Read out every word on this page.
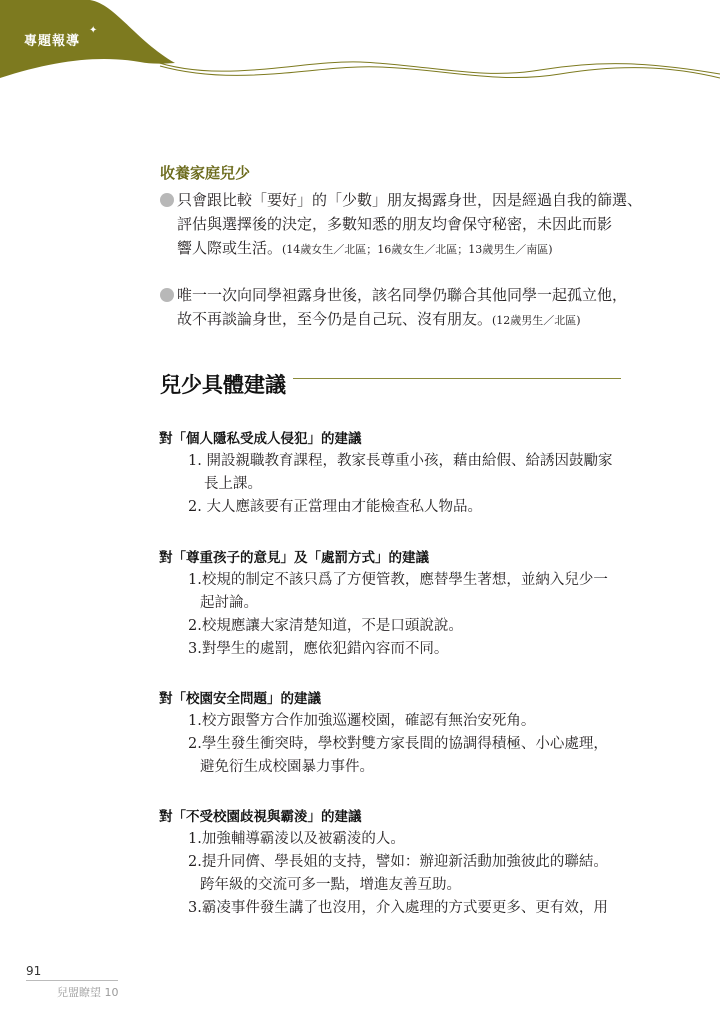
專題報導
✦
收養家庭兒少
只會跟比較「要好」的「少數」朋友揭露身世，因是經過自我的篩選、
評估與選擇後的決定，多數知悉的朋友均會保守秘密，未因此而影
響人際或生活。(14歲女生／北區；16歲女生／北區；13歲男生／南區)
唯一一次向同學袒露身世後，該名同學仍聯合其他同學一起孤立他，
故不再談論身世，至今仍是自己玩、沒有朋友。(12歲男生／北區)
兒少具體建議
對「個人隱私受成人侵犯」的建議
1. 開設親職教育課程，教家長尊重小孩，藉由給假、給誘因鼓勵家
長上課。
2. 大人應該要有正當理由才能檢查私人物品。
對「尊重孩子的意見」及「處罰方式」的建議
1.校規的制定不該只爲了方便管教，應替學生著想，並納入兒少一
起討論。
2.校規應讓大家清楚知道，不是口頭說說。
3.對學生的處罰，應依犯錯內容而不同。
對「校園安全問題」的建議
1.校方跟警方合作加強巡邏校園，確認有無治安死角。
2.學生發生衝突時，學校對雙方家長間的協調得積極、小心處理，
避免衍生成校園暴力事件。
對「不受校園歧視與霸淩」的建議
1.加強輔導霸淩以及被霸淩的人。
2.提升同儕、學長姐的支持，譬如：辦迎新活動加強彼此的聯結。
跨年級的交流可多一點，增進友善互助。
3.霸凌事件發生講了也沒用，介入處理的方式要更多、更有效，用
91
兒盟瞭望 10
